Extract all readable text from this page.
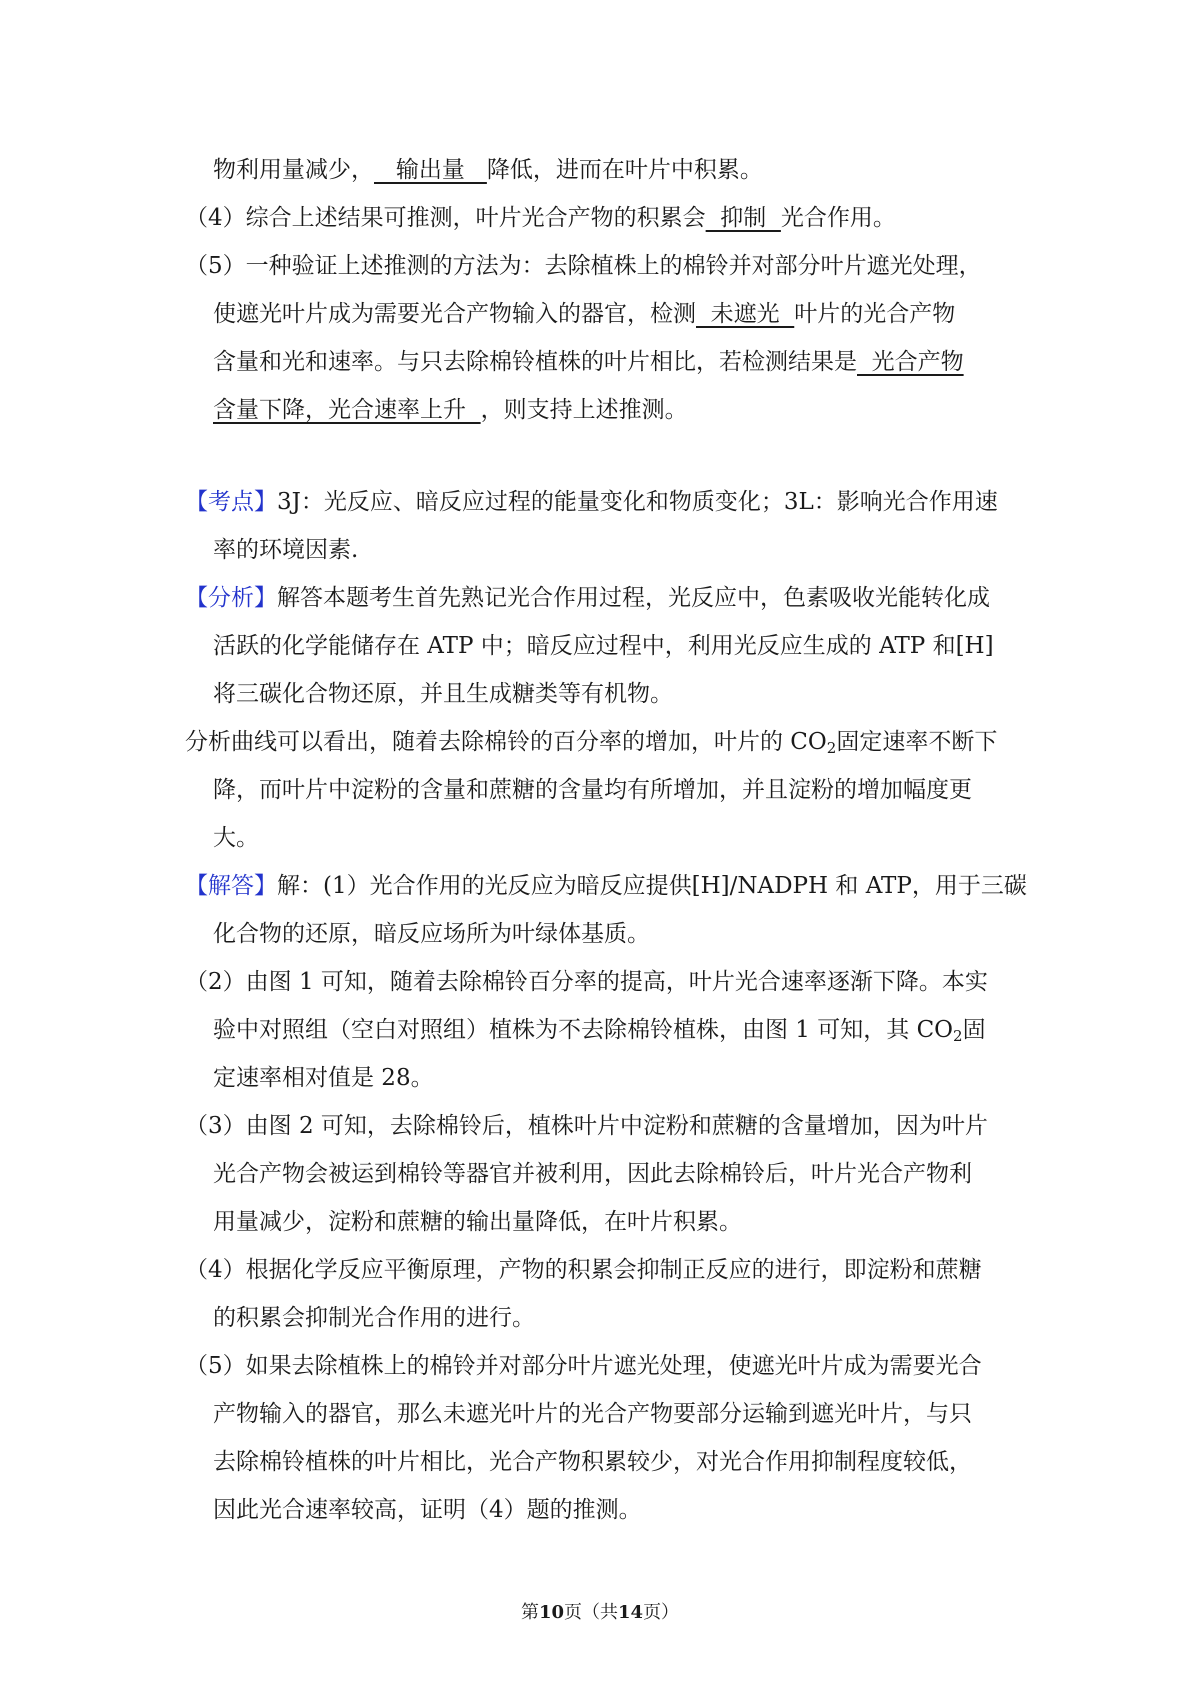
物利用量减少，   输出量   降低，进而在叶片中积累。
（4）综合上述结果可推测，叶片光合产物的积累会  抑制  光合作用。
（5）一种验证上述推测的方法为：去除植株上的棉铃并对部分叶片遮光处理，
使遮光叶片成为需要光合产物输入的器官，检测  未遮光  叶片的光合产物
含量和光和速率。与只去除棉铃植株的叶片相比，若检测结果是  光合产物
含量下降，光合速率上升  ，则支持上述推测。
【考点】3J：光反应、暗反应过程的能量变化和物质变化；3L：影响光合作用速
率的环境因素.
【分析】解答本题考生首先熟记光合作用过程，光反应中，色素吸收光能转化成
活跃的化学能储存在 ATP 中；暗反应过程中，利用光反应生成的 ATP 和[H]
将三碳化合物还原，并且生成糖类等有机物。
分析曲线可以看出，随着去除棉铃的百分率的增加，叶片的 $CO_2$固定速率不断下
降，而叶片中淀粉的含量和蔗糖的含量均有所增加，并且淀粉的增加幅度更
大。
【解答】解：(1）光合作用的光反应为暗反应提供[H]/NADPH 和 ATP，用于三碳
化合物的还原，暗反应场所为叶绿体基质。
（2）由图 1 可知，随着去除棉铃百分率的提高，叶片光合速率逐渐下降。本实
验中对照组（空白对照组）植株为不去除棉铃植株，由图 1 可知，其 $CO_2$固
定速率相对值是 28。
（3）由图 2 可知，去除棉铃后，植株叶片中淀粉和蔗糖的含量增加，因为叶片
光合产物会被运到棉铃等器官并被利用，因此去除棉铃后，叶片光合产物利
用量减少，淀粉和蔗糖的输出量降低，在叶片积累。
（4）根据化学反应平衡原理，产物的积累会抑制正反应的进行，即淀粉和蔗糖
的积累会抑制光合作用的进行。
（5）如果去除植株上的棉铃并对部分叶片遮光处理，使遮光叶片成为需要光合
产物输入的器官，那么未遮光叶片的光合产物要部分运输到遮光叶片，与只
去除棉铃植株的叶片相比，光合产物积累较少，对光合作用抑制程度较低，
因此光合速率较高，证明（4）题的推测。
第10页（共14页）
